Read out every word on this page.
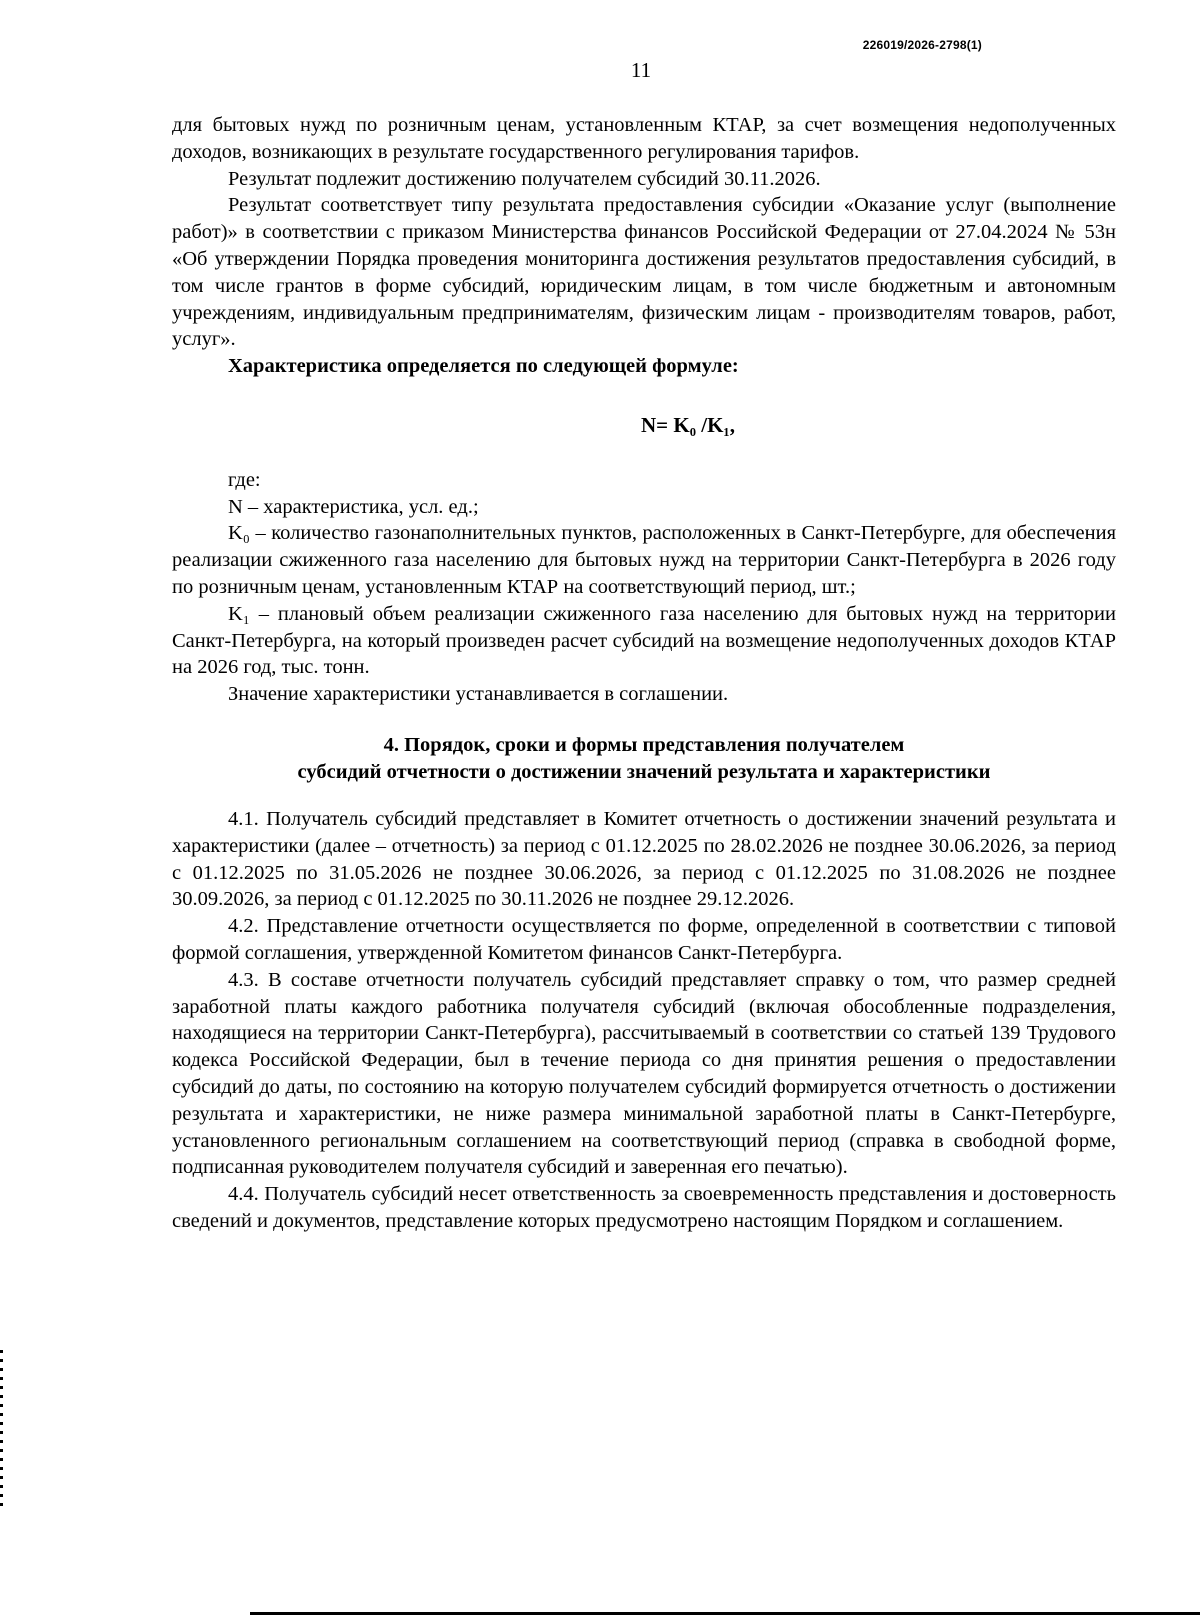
226019/2026-2798(1)
11

для бытовых нужд по розничным ценам, установленным КТАР, за счет возмещения недополученных доходов, возникающих в результате государственного регулирования тарифов.

Результат подлежит достижению получателем субсидий 30.11.2026.

Результат соответствует типу результата предоставления субсидии «Оказание услуг (выполнение работ)» в соответствии с приказом Министерства финансов Российской Федерации от 27.04.2024 № 53н «Об утверждении Порядка проведения мониторинга достижения результатов предоставления субсидий, в том числе грантов в форме субсидий, юридическим лицам, в том числе бюджетным и автономным учреждениям, индивидуальным предпринимателям, физическим лицам - производителям товаров, работ, услуг».

Характеристика определяется по следующей формуле:

N= K₀ /K₁,

где:

N – характеристика, усл. ед.;

K₀ – количество газонаполнительных пунктов, расположенных в Санкт-Петербурге, для обеспечения реализации сжиженного газа населению для бытовых нужд на территории Санкт-Петербурга в 2026 году по розничным ценам, установленным КТАР на соответствующий период, шт.;

K₁ – плановый объем реализации сжиженного газа населению для бытовых нужд на территории Санкт-Петербурга, на который произведен расчет субсидий на возмещение недополученных доходов КТАР на 2026 год, тыс. тонн.

Значение характеристики устанавливается в соглашении.

4. Порядок, сроки и формы представления получателем
субсидий отчетности о достижении значений результата и характеристики

4.1. Получатель субсидий представляет в Комитет отчетность о достижении значений результата и характеристики (далее – отчетность) за период с 01.12.2025 по 28.02.2026 не позднее 30.06.2026, за период с 01.12.2025 по 31.05.2026 не позднее 30.06.2026, за период с 01.12.2025 по 31.08.2026 не позднее 30.09.2026, за период с 01.12.2025 по 30.11.2026 не позднее 29.12.2026.

4.2. Представление отчетности осуществляется по форме, определенной в соответствии с типовой формой соглашения, утвержденной Комитетом финансов Санкт-Петербурга.

4.3. В составе отчетности получатель субсидий представляет справку о том, что размер средней заработной платы каждого работника получателя субсидий (включая обособленные подразделения, находящиеся на территории Санкт-Петербурга), рассчитываемый в соответствии со статьей 139 Трудового кодекса Российской Федерации, был в течение периода со дня принятия решения о предоставлении субсидий до даты, по состоянию на которую получателем субсидий формируется отчетность о достижении результата и характеристики, не ниже размера минимальной заработной платы в Санкт-Петербурге, установленного региональным соглашением на соответствующий период (справка в свободной форме, подписанная руководителем получателя субсидий и заверенная его печатью).

4.4. Получатель субсидий несет ответственность за своевременность представления и достоверность сведений и документов, представление которых предусмотрено настоящим Порядком и соглашением.
